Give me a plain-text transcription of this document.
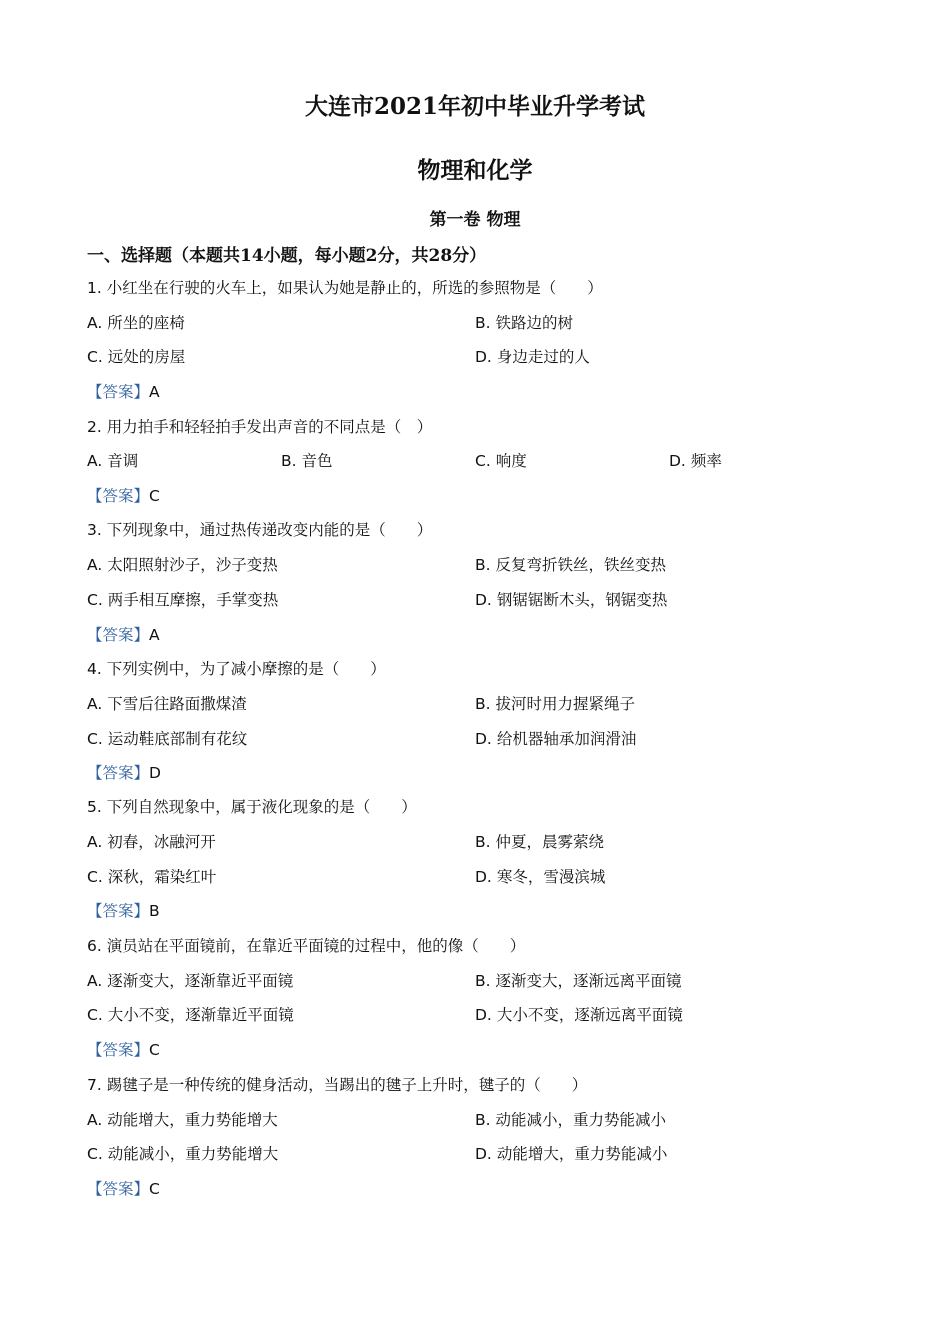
大连市2021年初中毕业升学考试
物理和化学
第一卷 物理
一、选择题（本题共14小题，每小题2分，共28分）
1. 小红坐在行驶的火车上，如果认为她是静止的，所选的参照物是（　　）
A. 所坐的座椅	B. 铁路边的树
C. 远处的房屋	D. 身边走过的人
【答案】A
2. 用力拍手和轻轻拍手发出声音的不同点是（　）
A. 音调	B. 音色	C. 响度	D. 频率
【答案】C
3. 下列现象中，通过热传递改变内能的是（　　）
A. 太阳照射沙子，沙子变热	B. 反复弯折铁丝，铁丝变热
C. 两手相互摩擦，手掌变热	D. 钢锯锯断木头，钢锯变热
【答案】A
4. 下列实例中，为了减小摩擦的是（　　）
A. 下雪后往路面撒煤渣	B. 拔河时用力握紧绳子
C. 运动鞋底部制有花纹	D. 给机器轴承加润滑油
【答案】D
5. 下列自然现象中，属于液化现象的是（　　）
A. 初春，冰融河开	B. 仲夏，晨雾萦绕
C. 深秋，霜染红叶	D. 寒冬，雪漫滨城
【答案】B
6. 演员站在平面镜前，在靠近平面镜的过程中，他的像（　　）
A. 逐渐变大，逐渐靠近平面镜	B. 逐渐变大，逐渐远离平面镜
C. 大小不变，逐渐靠近平面镜	D. 大小不变，逐渐远离平面镜
【答案】C
7. 踢毽子是一种传统的健身活动，当踢出的毽子上升时，毽子的（　　）
A. 动能增大，重力势能增大	B. 动能减小，重力势能减小
C. 动能减小，重力势能增大	D. 动能增大，重力势能减小
【答案】C
